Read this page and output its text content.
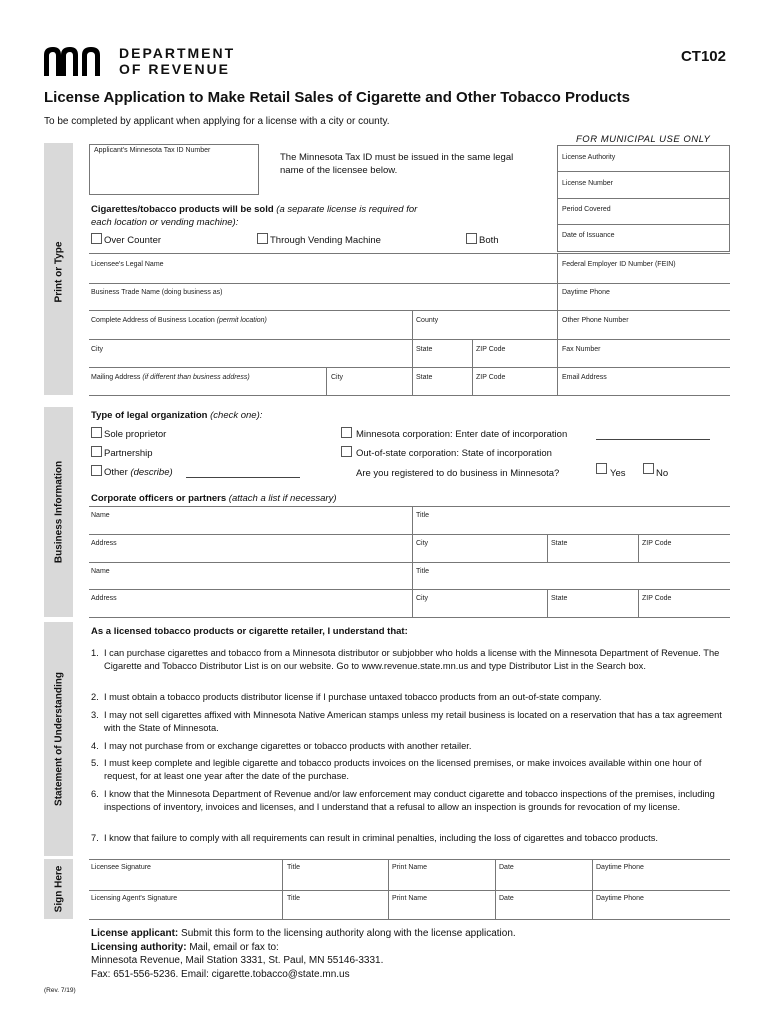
DEPARTMENT
OF REVENUE
CT102
License Application to Make Retail Sales of Cigarette and Other Tobacco Products
To be completed by applicant when applying for a license with a city or county.
FOR MUNICIPAL USE ONLY
License Authority
License Number
Period Covered
Date of Issuance
Print or Type
Applicant's Minnesota Tax ID Number
The Minnesota Tax ID must be issued in the same legal name of the licensee below.
Cigarettes/tobacco products will be sold (a separate license is required for each location or vending machine):
Over Counter	Through Vending Machine	Both
Licensee's Legal Name	Federal Employer ID Number (FEIN)
Business Trade Name (doing business as)	Daytime Phone
Complete Address of Business Location (permit location)	County	Other Phone Number
City	State	ZIP Code	Fax Number
Mailing Address (if different than business address)	City	State	ZIP Code	Email Address
Business Information
Type of legal organization (check one):
Sole proprietor
Partnership
Other (describe)
Minnesota corporation: Enter date of incorporation
Out-of-state corporation: State of incorporation
Are you registered to do business in Minnesota?	Yes	No
Corporate officers or partners (attach a list if necessary)
Name	Title
Address	City	State	ZIP Code
Name	Title
Address	City	State	ZIP Code
Statement of Understanding
As a licensed tobacco products or cigarette retailer, I understand that:
1. I can purchase cigarettes and tobacco from a Minnesota distributor or subjobber who holds a license with the Minnesota Department of Revenue. The Cigarette and Tobacco Distributor List is on our website. Go to www.revenue.state.mn.us and type Distributor List in the Search box.
2. I must obtain a tobacco products distributor license if I purchase untaxed tobacco products from an out-of-state company.
3. I may not sell cigarettes affixed with Minnesota Native American stamps unless my retail business is located on a reservation that has a tax agreement with the State of Minnesota.
4. I may not purchase from or exchange cigarettes or tobacco products with another retailer.
5. I must keep complete and legible cigarette and tobacco products invoices on the licensed premises, or make invoices available within one hour of request, for at least one year after the date of the purchase.
6. I know that the Minnesota Department of Revenue and/or law enforcement may conduct cigarette and tobacco inspections of the premises, including inspections of inventory, invoices and licenses, and I understand that a refusal to allow an inspection is grounds for revocation of my license.
7. I know that failure to comply with all requirements can result in criminal penalties, including the loss of cigarettes and tobacco products.
Sign Here	Licensee Signature	Title	Print Name	Date	Daytime Phone
Licensing Agent's Signature	Title	Print Name	Date	Daytime Phone
License applicant: Submit this form to the licensing authority along with the license application.
Licensing authority: Mail, email or fax to:
Minnesota Revenue, Mail Station 3331, St. Paul, MN 55146-3331.
Fax: 651-556-5236. Email: cigarette.tobacco@state.mn.us
(Rev. 7/19)
